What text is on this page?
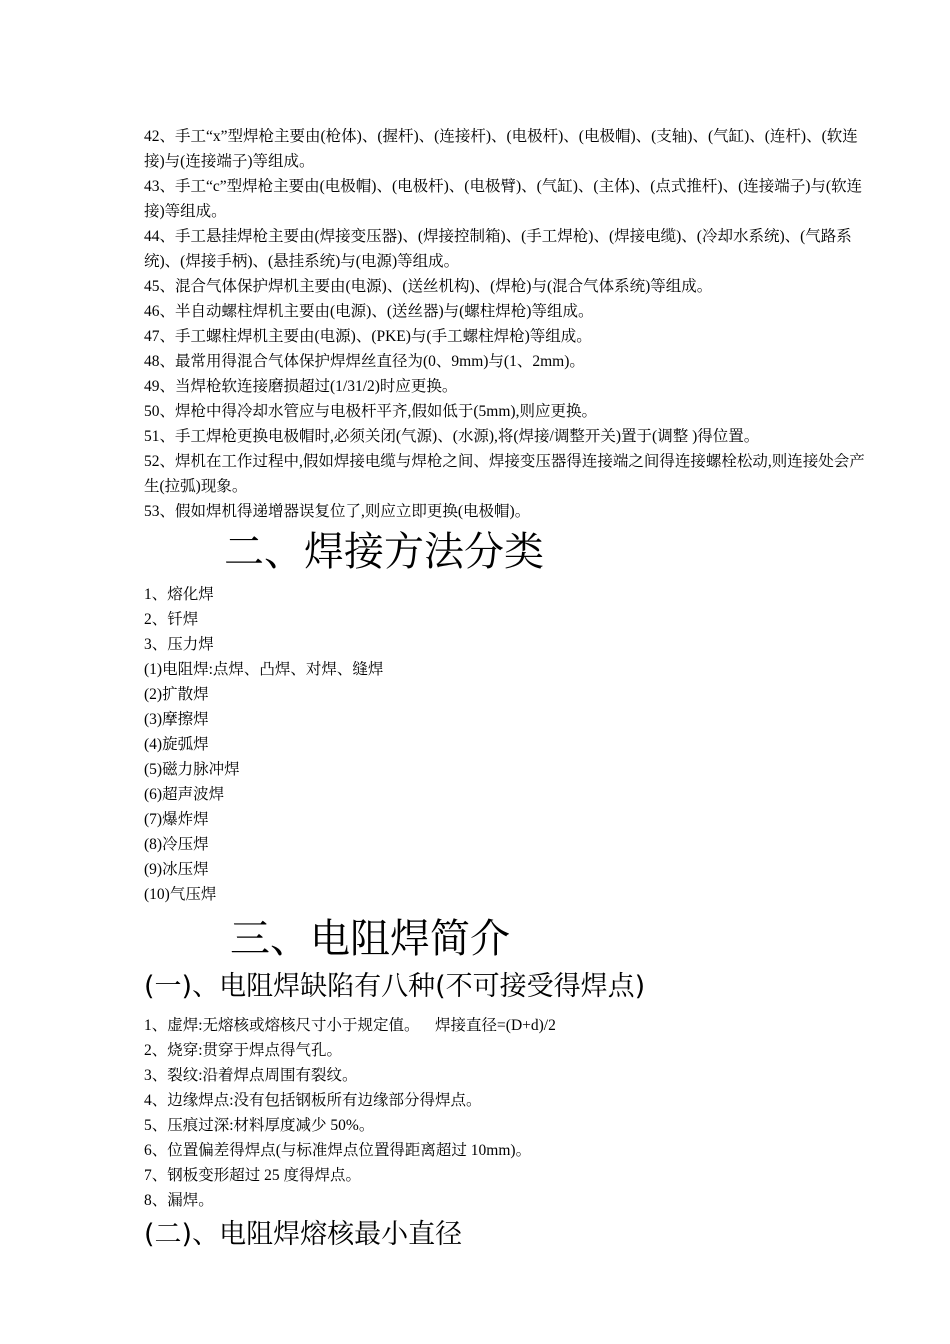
42、手工“x”型焊枪主要由(枪体)、(握杆)、(连接杆)、(电极杆)、(电极帽)、(支轴)、(气缸)、(连杆)、(软连接)与(连接端子)等组成。

43、手工“c”型焊枪主要由(电极帽)、(电极杆)、(电极臂)、(气缸)、(主体)、(点式推杆)、(连接端子)与(软连接)等组成。

44、手工悬挂焊枪主要由(焊接变压器)、(焊接控制箱)、(手工焊枪)、(焊接电缆)、(冷却水系统)、(气路系统)、(焊接手柄)、(悬挂系统)与(电源)等组成。

45、混合气体保护焊机主要由(电源)、(送丝机构)、(焊枪)与(混合气体系统)等组成。

46、半自动螺柱焊机主要由(电源)、(送丝器)与(螺柱焊枪)等组成。

47、手工螺柱焊机主要由(电源)、(PKE)与(手工螺柱焊枪)等组成。

48、最常用得混合气体保护焊焊丝直径为(0、9mm)与(1、2mm)。

49、当焊枪软连接磨损超过(1/31/2)时应更换。

50、焊枪中得冷却水管应与电极杆平齐,假如低于(5mm),则应更换。

51、手工焊枪更换电极帽时,必须关闭(气源)、(水源),将(焊接/调整开关)置于(调整 )得位置。

52、焊机在工作过程中,假如焊接电缆与焊枪之间、焊接变压器得连接端之间得连接螺栓松动,则连接处会产生(拉弧)现象。

53、假如焊机得递增器误复位了,则应立即更换(电极帽)。

二、焊接方法分类

1、熔化焊

2、钎焊

3、压力焊

(1)电阻焊:点焊、凸焊、对焊、缝焊

(2)扩散焊

(3)摩擦焊

(4)旋弧焊

(5)磁力脉冲焊

(6)超声波焊

(7)爆炸焊

(8)冷压焊

(9)冰压焊

(10)气压焊

三、电阻焊简介
(一)、电阻焊缺陷有八种(不可接受得焊点)

1、虚焊:无熔核或熔核尺寸小于规定值。    焊接直径=(D+d)/2

2、烧穿:贯穿于焊点得气孔。

3、裂纹:沿着焊点周围有裂纹。

4、边缘焊点:没有包括钢板所有边缘部分得焊点。

5、压痕过深:材料厚度减少 50%。

6、位置偏差得焊点(与标准焊点位置得距离超过 10mm)。

7、钢板变形超过 25 度得焊点。

8、漏焊。

(二)、电阻焊熔核最小直径
